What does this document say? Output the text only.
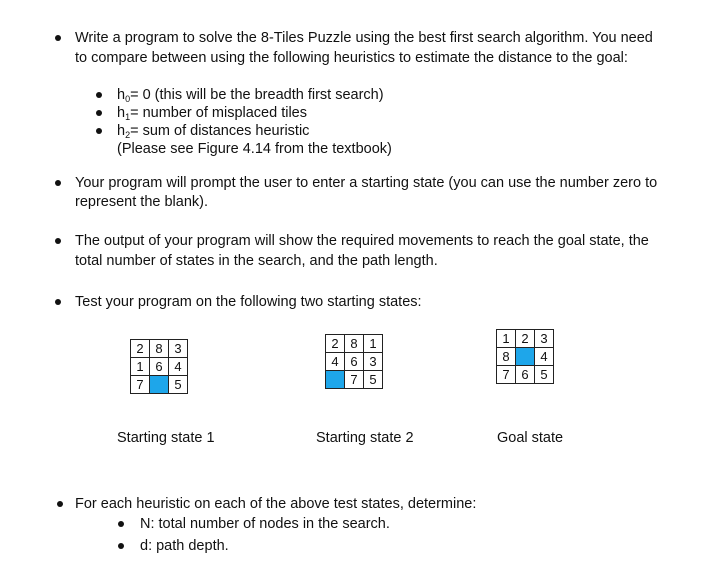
Write a program to solve the 8-Tiles Puzzle using the best first search algorithm. You need
to compare between using the following heuristics to estimate the distance to the goal:
$h_0= 0$ (this will be the breadth first search)
$h_1=$ number of misplaced tiles
$h_2=$ sum of distances heuristic
(Please see Figure 4.14 from the textbook)
Your program will prompt the user to enter a starting state (you can use the number zero to
represent the blank).
The output of your program will show the required movements to reach the goal state, the
total number of states in the search, and the path length.
Test your program on the following two starting states:
2	8	3
1	6	4
7		5
Starting state 1
2	8	1
4	6	3
	7	5
Starting state 2
1	2	3
8		4
7	6	5
Goal state
For each heuristic on each of the above test states, determine:
N: total number of nodes in the search.
d: path depth.
